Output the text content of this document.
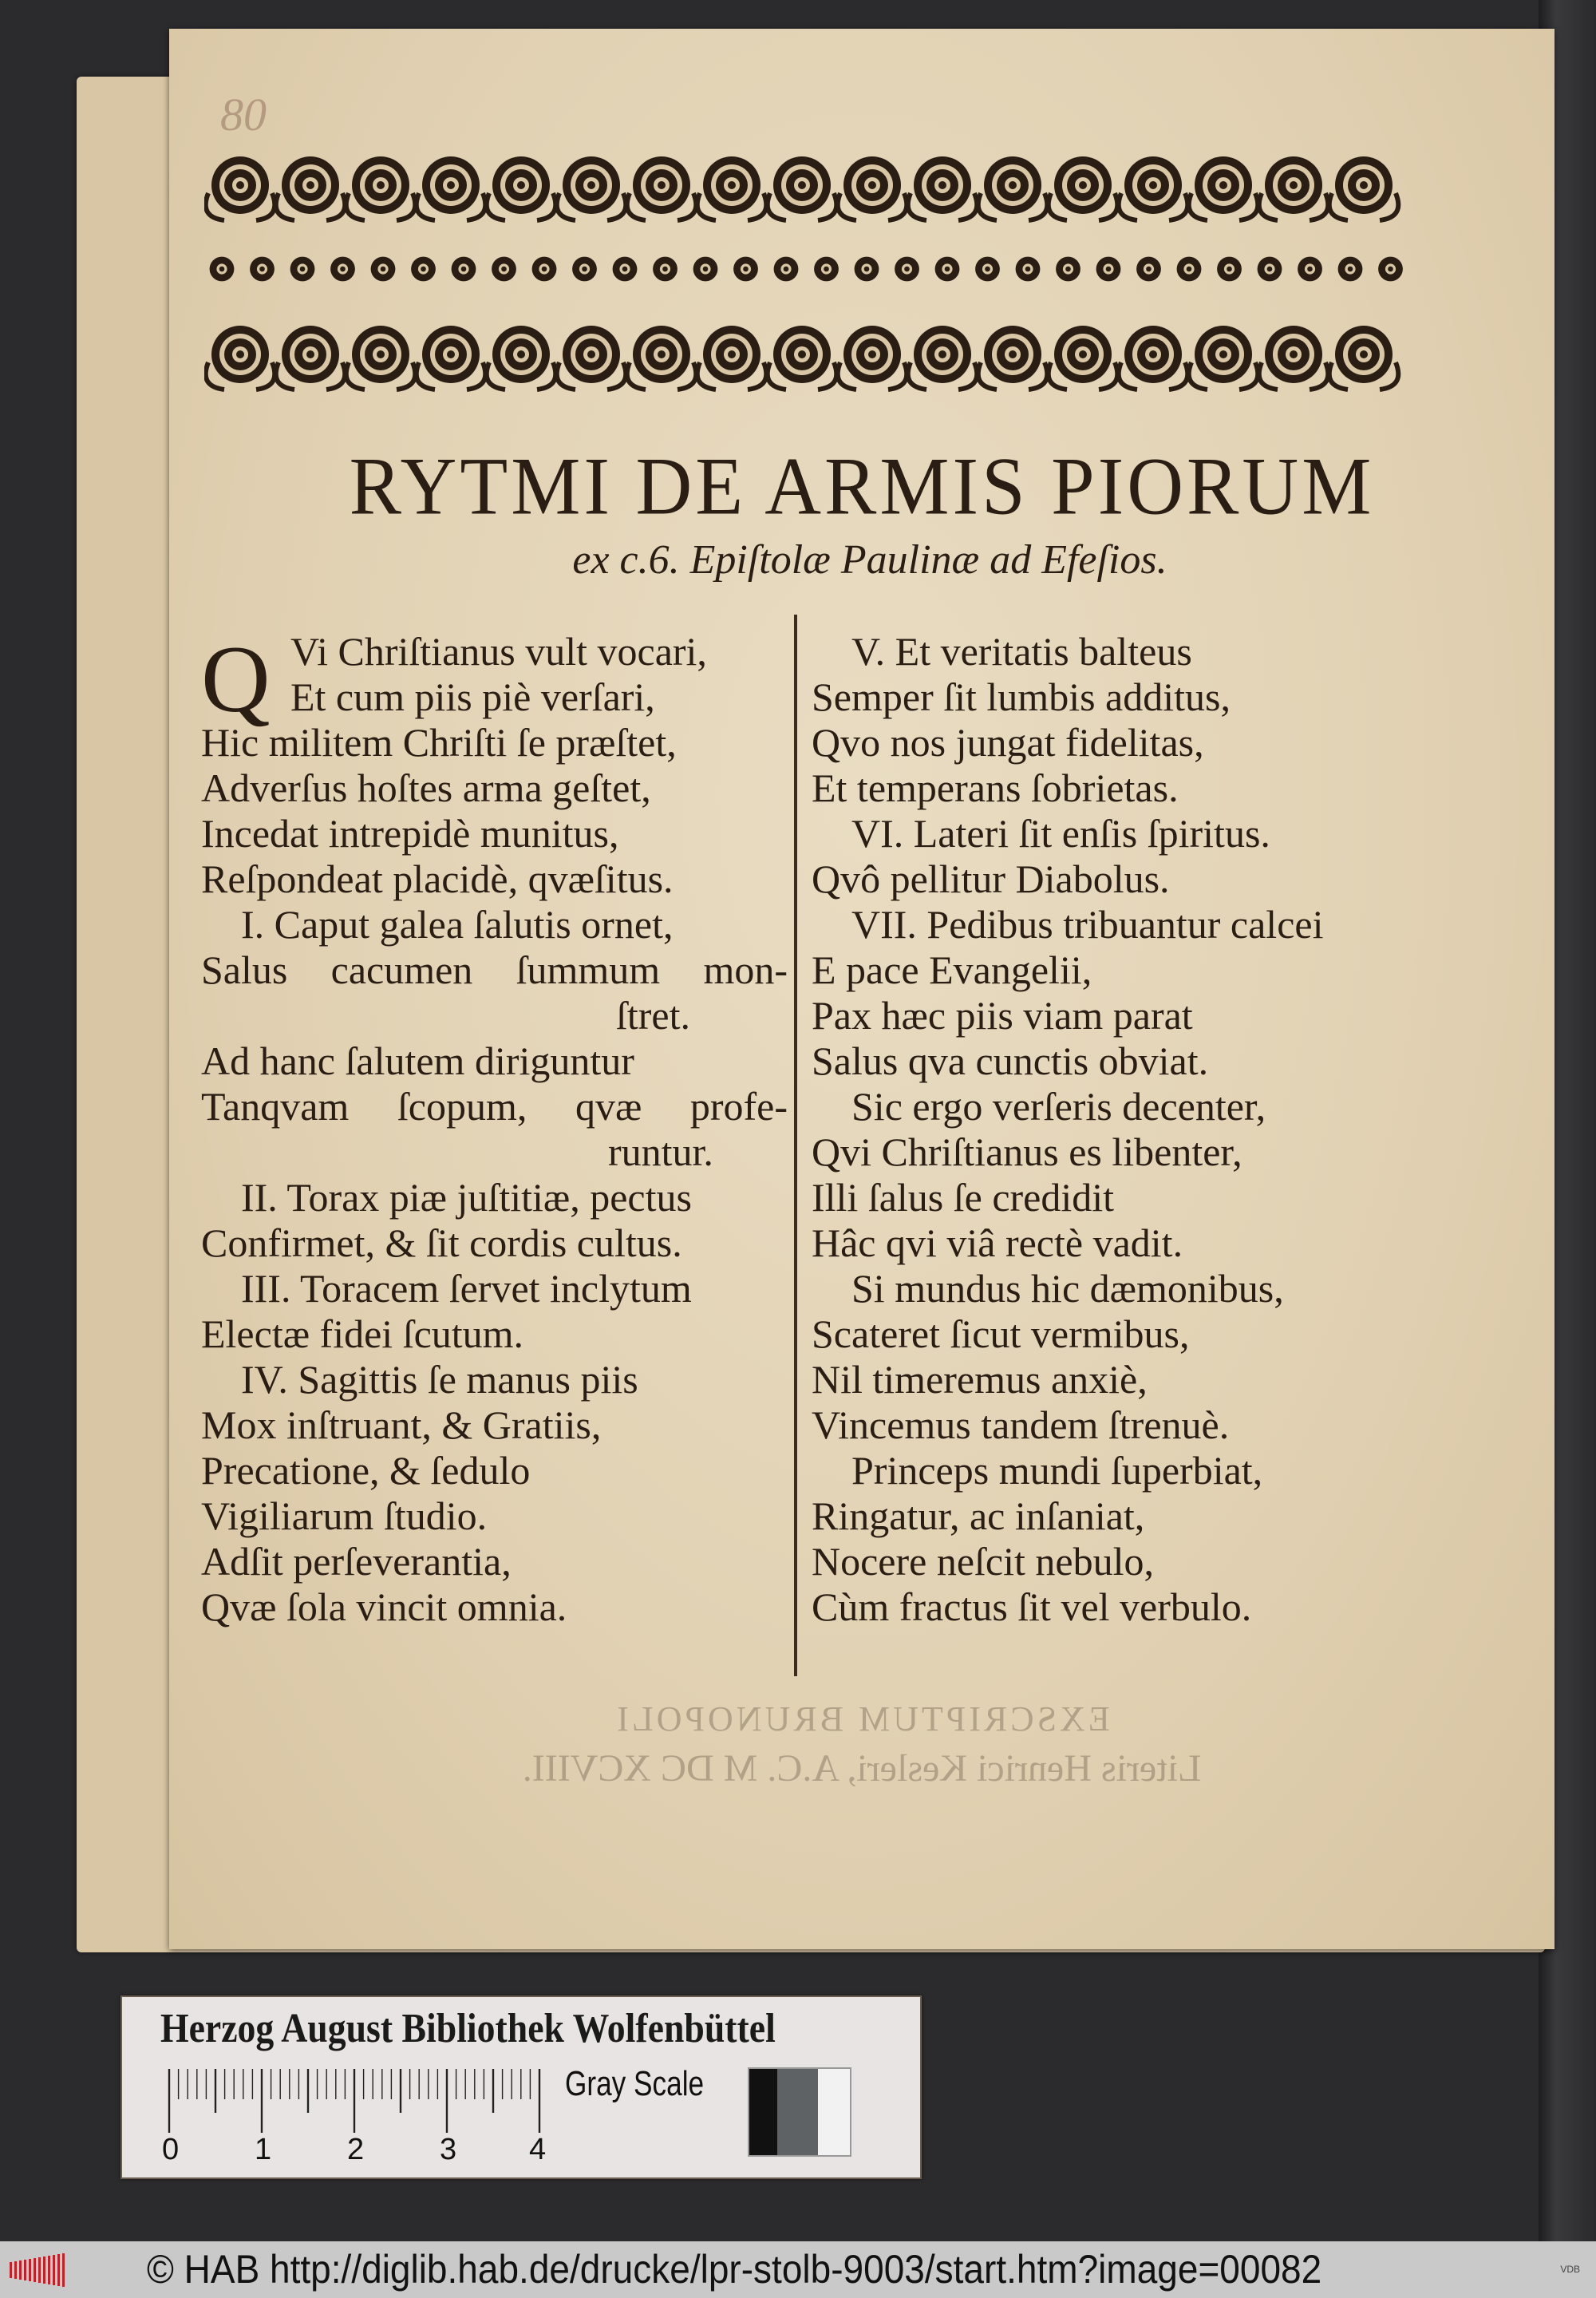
80
RYTMI DE ARMIS PIORUM
ex c.6. Epiſtolæ Paulinæ ad Efeſios.
Q Vi Chriſtianus vult vocari,
Et cum piis piè verſari,
Hic militem Chriſti ſe præſtet,
Adverſus hoſtes arma geſtet,
Incedat intrepidè munitus,
Reſpondeat placidè, qvæſitus.
I. Caput galea ſalutis ornet,
Salus cacumen ſummum mon-
ſtret.
Ad hanc ſalutem diriguntur
Tanqvam ſcopum, qvæ profe-
runtur.
II. Torax piæ juſtitiæ, pectus
Confirmet, & ſit cordis cultus.
III. Toracem ſervet inclytum
Electæ fidei ſcutum.
IV. Sagittis ſe manus piis
Mox inſtruant, & Gratiis,
Precatione, & ſedulo
Vigiliarum ſtudio.
Adſit perſeverantia,
Qvæ ſola vincit omnia.
V. Et veritatis balteus
Semper ſit lumbis additus,
Qvo nos jungat fidelitas,
Et temperans ſobrietas.
VI. Lateri ſit enſis ſpiritus.
Qvô pellitur Diabolus.
VII. Pedibus tribuantur calcei
E pace Evangelii,
Pax hæc piis viam parat
Salus qva cunctis obviat.
Sic ergo verſeris decenter,
Qvi Chriſtianus es libenter,
Illi ſalus ſe credidit
Hâc qvi viâ rectè vadit.
Si mundus hic dæmonibus,
Scateret ſicut vermibus,
Nil timeremus anxiè,
Vincemus tandem ſtrenuè.
Princeps mundi ſuperbiat,
Ringatur, ac inſaniat,
Nocere neſcit nebulo,
Cùm fractus ſit vel verbulo.
EXSCRIPTUM BRUNOPOLI
Literis Henrici Kesleri, A.C. M DC XCVIII.
Herzog August Bibliothek Wolfenbüttel
0 1 2 3 4
Gray Scale
© HAB http://diglib.hab.de/drucke/lpr-stolb-9003/start.htm?image=00082	VDB
